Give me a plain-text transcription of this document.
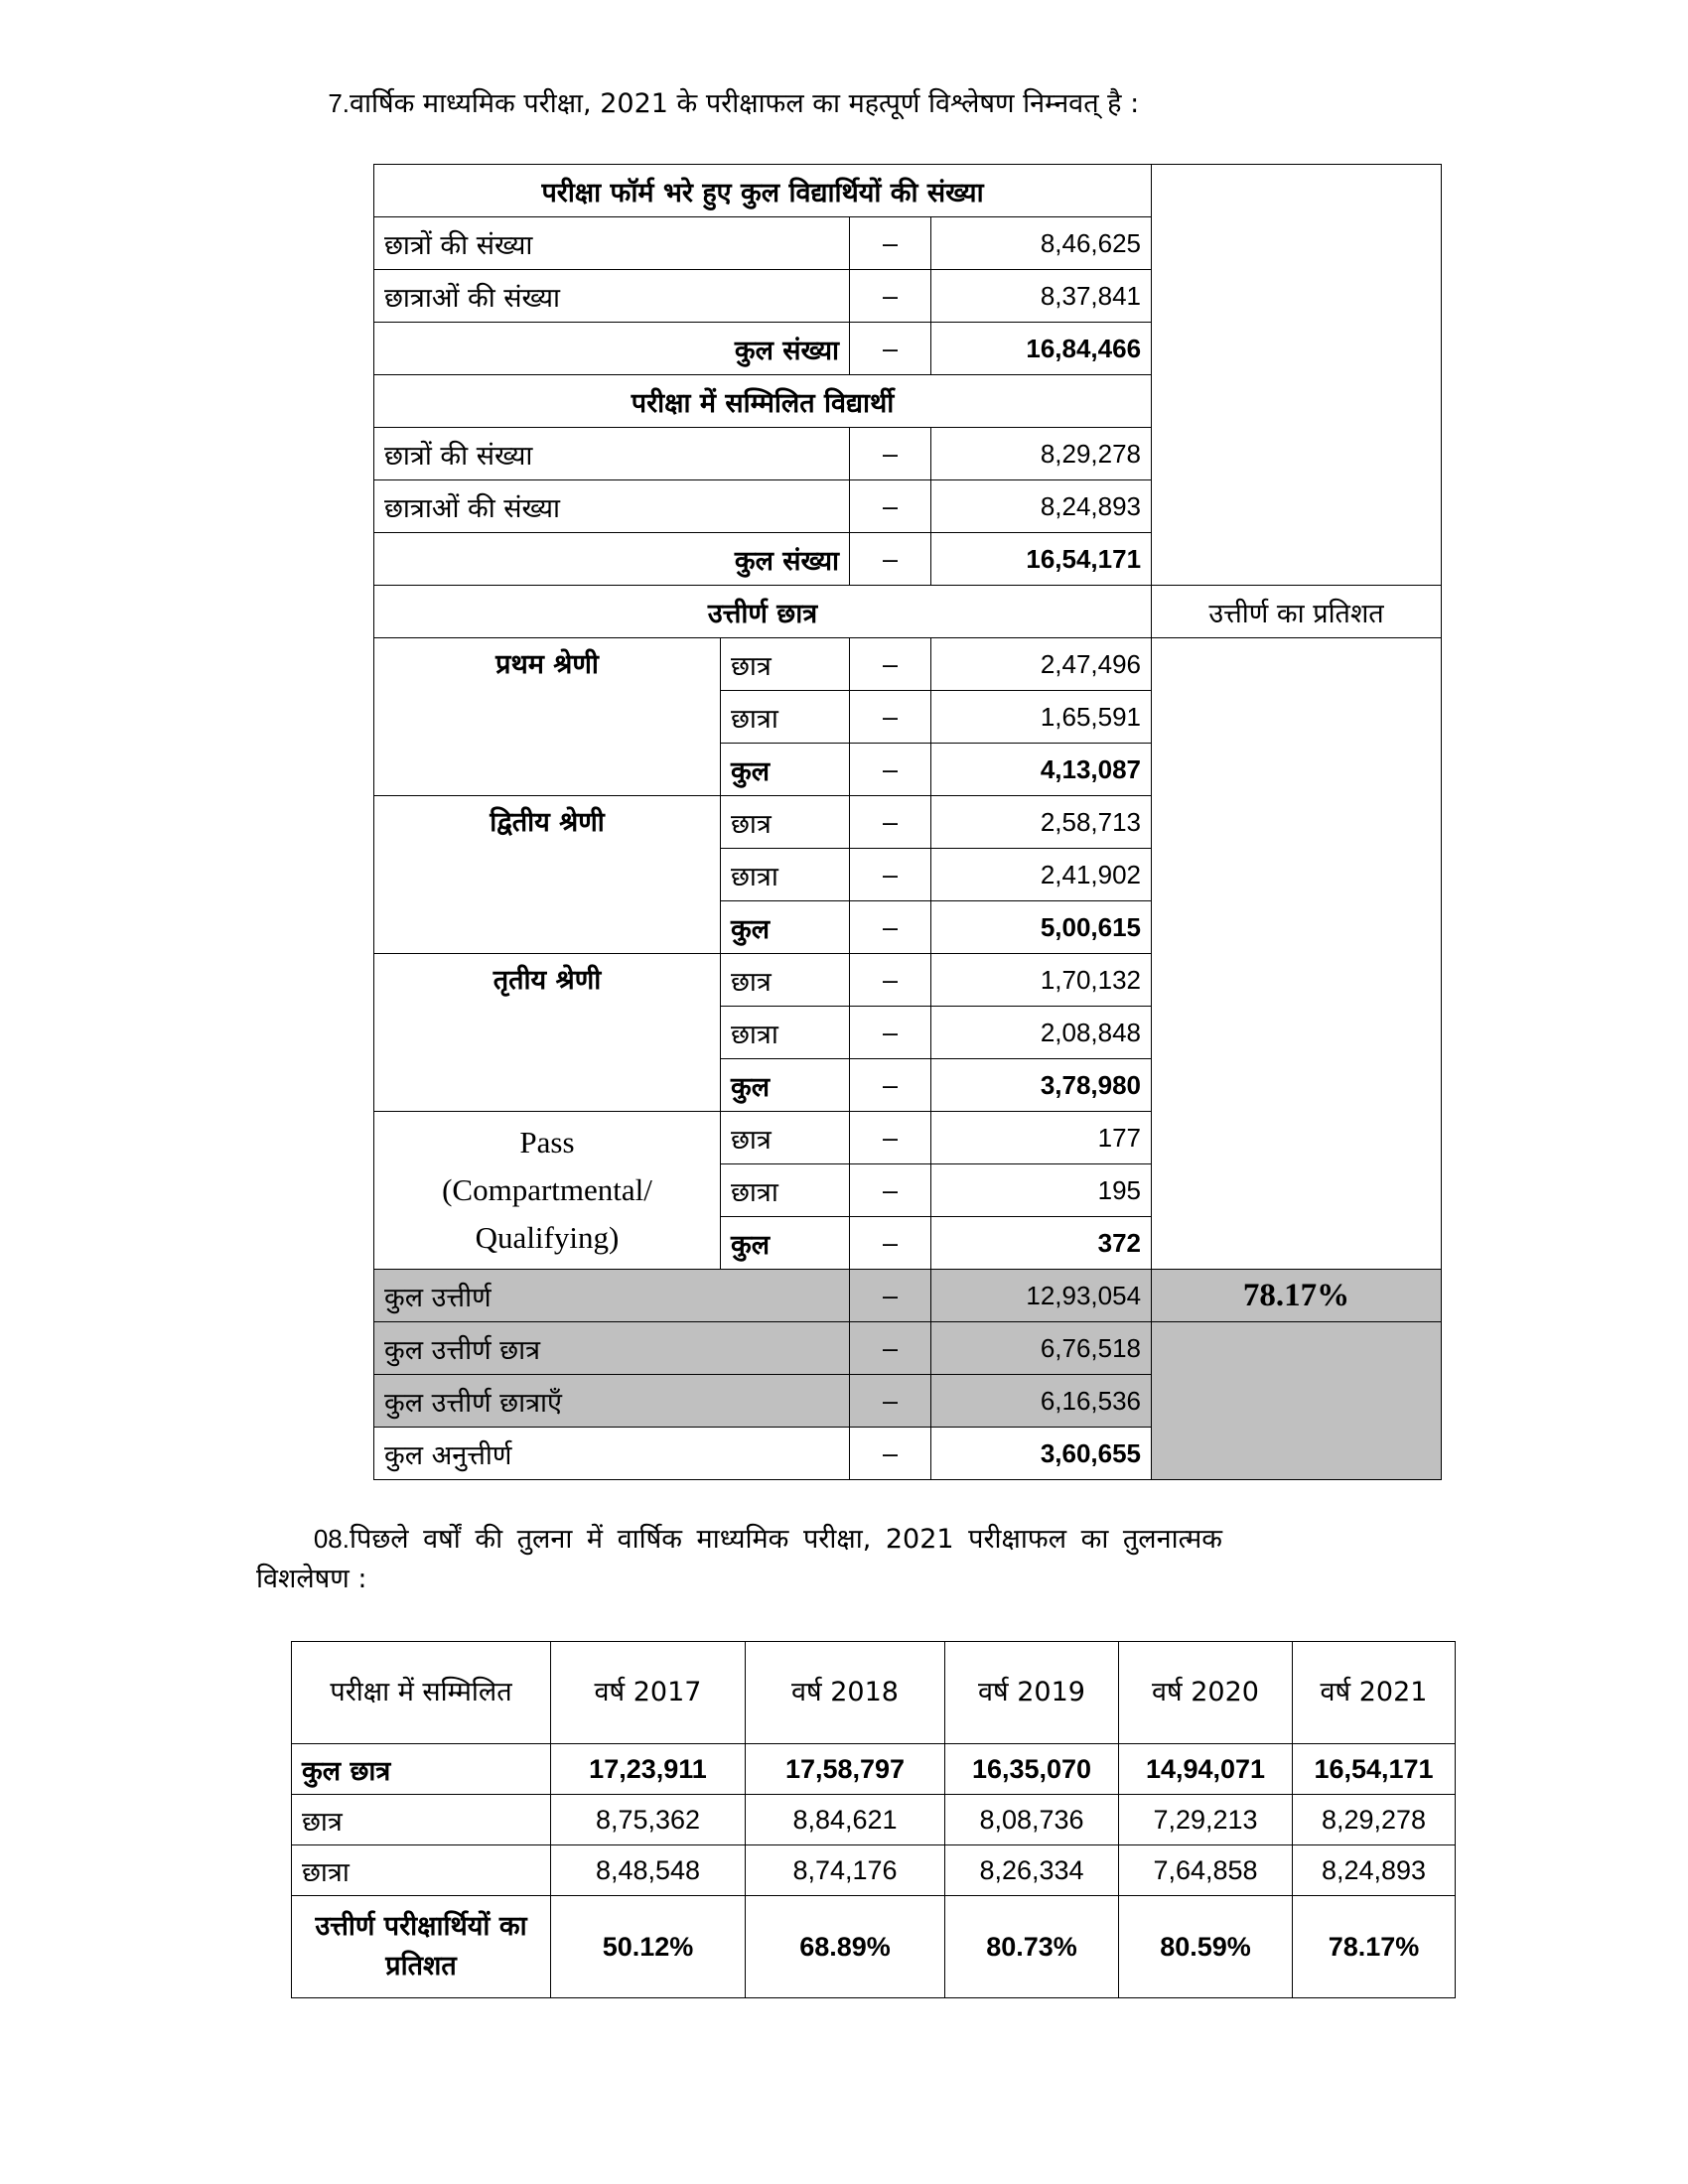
7.वार्षिक माध्यमिक परीक्षा, 2021 के परीक्षाफल का महत्पूर्ण विश्लेषण निम्नवत् है :
परीक्षा फॉर्म भरे हुए कुल विद्यार्थियों की संख्या				
छात्रों की संख्या		–	8,46,625	
छात्राओं की संख्या		–	8,37,841	
कुल संख्या		–	16,84,466	
परीक्षा में सम्मिलित विद्यार्थी				
छात्रों की संख्या		–	8,29,278	
छात्राओं की संख्या		–	8,24,893	
कुल संख्या		–	16,54,171	
उत्तीर्ण छात्र				उत्तीर्ण का प्रतिशत
प्रथम श्रेणी	छात्र	–	2,47,496	
	छात्रा	–	1,65,591	
	कुल	–	4,13,087	
द्वितीय श्रेणी	छात्र	–	2,58,713	
	छात्रा	–	2,41,902	
	कुल	–	5,00,615	
तृतीय श्रेणी	छात्र	–	1,70,132	
	छात्रा	–	2,08,848	
	कुल	–	3,78,980	

Pass
(Compartmental/
Qualifying)	छात्र	–	177	
	छात्रा	–	195	
	कुल	–	372	
कुल उत्तीर्ण		–	12,93,054	78.17%
कुल उत्तीर्ण छात्र		–	6,76,518	
कुल उत्तीर्ण छात्राएँ		–	6,16,536	
कुल अनुत्तीर्ण		–	3,60,655	
08.पिछले वर्षों की तुलना में वार्षिक माध्यमिक परीक्षा, 2021 परीक्षाफल का तुलनात्मक
विशलेषण :
परीक्षा में सम्मिलित	वर्ष 2017	वर्ष 2018	वर्ष 2019	वर्ष 2020	वर्ष 2021
कुल छात्र	17,23,911	17,58,797	16,35,070	14,94,071	16,54,171
छात्र	8,75,362	8,84,621	8,08,736	7,29,213	8,29,278
छात्रा	8,48,548	8,74,176	8,26,334	7,64,858	8,24,893
उत्तीर्ण परीक्षार्थियों का प्रतिशत	50.12%	68.89%	80.73%	80.59%	78.17%
